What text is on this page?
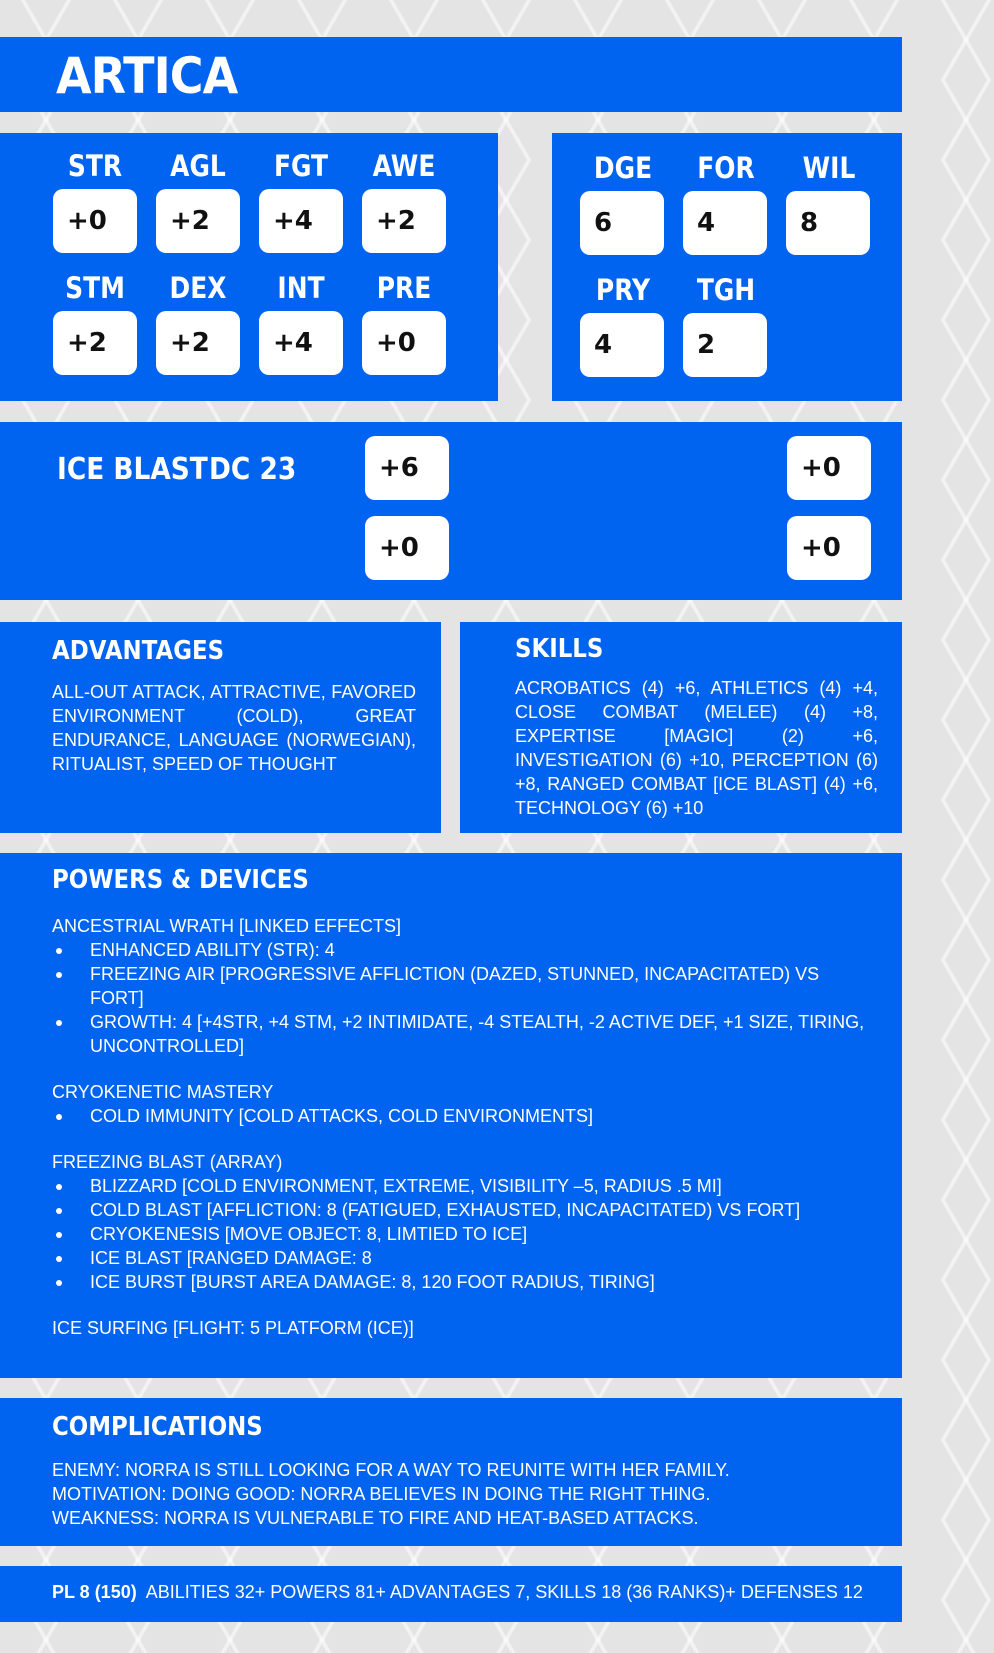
ARTICA
STR
+0
AGL
+2
FGT
+4
AWE
+2
STM
+2
DEX
+2
INT
+4
PRE
+0
DGE
6
FOR
4
WIL
8
PRY
4
TGH
2
ICE BLAST DC 23	+6
+0
+0
+0
ADVANTAGES
ALL-OUT ATTACK, ATTRACTIVE, FAVORED ENVIRONMENT (COLD), GREAT ENDURANCE, LANGUAGE (NORWEGIAN), RITUALIST, SPEED OF THOUGHT
SKILLS
ACROBATICS (4) +6, ATHLETICS (4) +4, CLOSE COMBAT (MELEE) (4) +8, EXPERTISE [MAGIC] (2) +6, INVESTIGATION (6) +10, PERCEPTION (6) +8, RANGED COMBAT [ICE BLAST] (4) +6, TECHNOLOGY (6) +10
POWERS & DEVICES
ANCESTRIAL WRATH [LINKED EFFECTS]
ENHANCED ABILITY (STR): 4
FREEZING AIR [PROGRESSIVE AFFLICTION (DAZED, STUNNED, INCAPACITATED) VS FORT]
GROWTH: 4 [+4STR, +4 STM, +2 INTIMIDATE, -4 STEALTH, -2 ACTIVE DEF, +1 SIZE, TIRING, UNCONTROLLED]
CRYOKENETIC MASTERY
COLD IMMUNITY [COLD ATTACKS, COLD ENVIRONMENTS]
FREEZING BLAST (ARRAY)
BLIZZARD [COLD ENVIRONMENT, EXTREME, VISIBILITY –5, RADIUS .5 MI]
COLD BLAST [AFFLICTION: 8 (FATIGUED, EXHAUSTED, INCAPACITATED) VS FORT]
CRYOKENESIS [MOVE OBJECT: 8, LIMTIED TO ICE]
ICE BLAST [RANGED DAMAGE: 8
ICE BURST [BURST AREA DAMAGE: 8, 120 FOOT RADIUS, TIRING]
ICE SURFING [FLIGHT: 5 PLATFORM (ICE)]
COMPLICATIONS
ENEMY: NORRA IS STILL LOOKING FOR A WAY TO REUNITE WITH HER FAMILY.
MOTIVATION: DOING GOOD: NORRA BELIEVES IN DOING THE RIGHT THING.
WEAKNESS: NORRA IS VULNERABLE TO FIRE AND HEAT-BASED ATTACKS.
PL 8 (150) ABILITIES 32+ POWERS 81+ ADVANTAGES 7, SKILLS 18 (36 RANKS)+ DEFENSES 12
